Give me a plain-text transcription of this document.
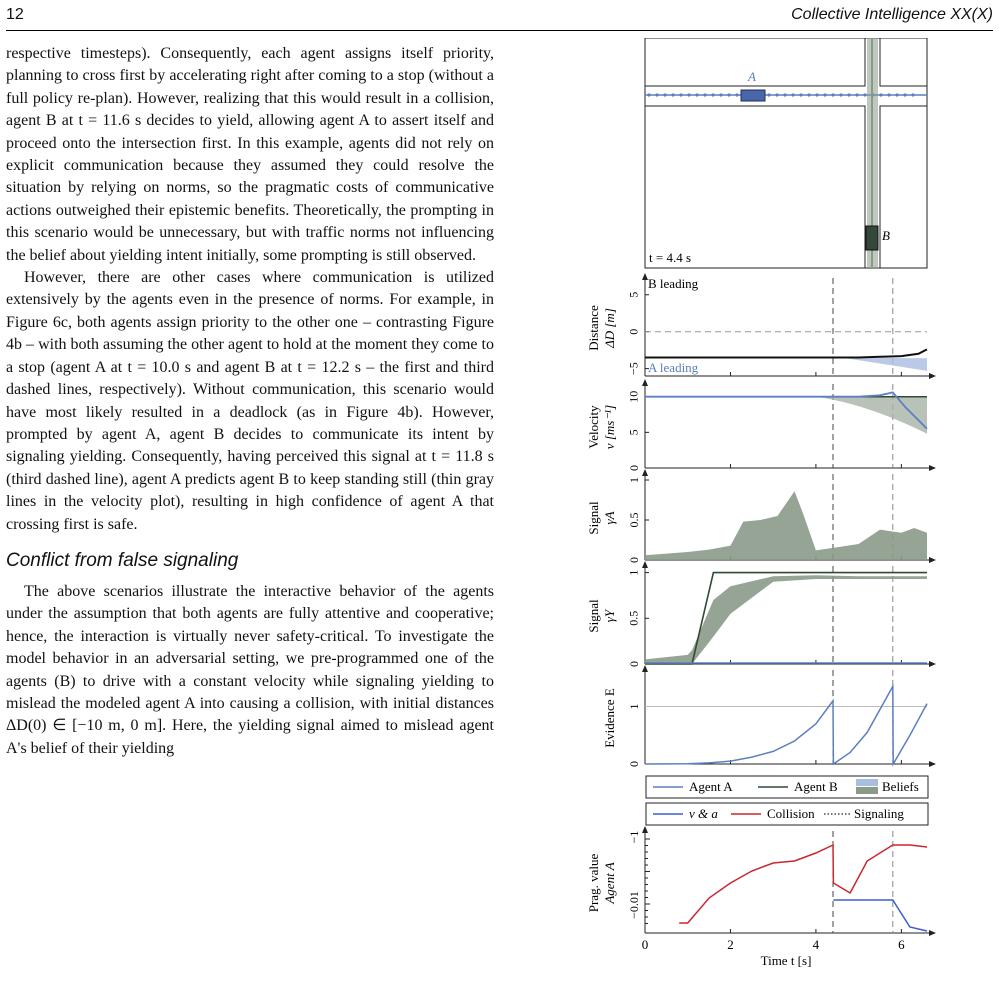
12	Collective Intelligence XX(X)

respective timesteps). Consequently, each agent assigns itself priority, planning to cross first by accelerating right after coming to a stop (without a full policy re-plan). However, realizing that this would result in a collision, agent B at t = 11.6 s decides to yield, allowing agent A to assert itself and proceed onto the intersection first. In this example, agents did not rely on explicit communication because they assumed they could resolve the situation by relying on norms, so the pragmatic costs of communicative actions outweighed their epistemic benefits. Theoretically, the prompting in this scenario would be unnecessary, but with traffic norms not influencing the belief about yielding intent initially, some prompting is still observed.

However, there are other cases where communication is utilized extensively by the agents even in the presence of norms. For example, in Figure 6c, both agents assign priority to the other one – contrasting Figure 4b – with both assuming the other agent to hold at the moment they come to a stop (agent A at t = 10.0 s and agent B at t = 12.2 s – the first and third dashed lines, respectively). Without communication, this scenario would have most likely resulted in a deadlock (as in Figure 4b). However, prompted by agent A, agent B decides to communicate its intent by signaling yielding. Consequently, having perceived this signal at t = 11.8 s (third dashed line), agent A predicts agent B to keep standing still (thin gray lines in the velocity plot), resulting in high confidence of agent A that crossing first is safe.

Conflict from false signaling

The above scenarios illustrate the interactive behavior of the agents under the assumption that both agents are fully attentive and cooperative; hence, the interaction is virtually never safety-critical. To investigate the model behavior in an adversarial setting, we pre-programmed one of the agents (B) to drive with a constant velocity while signaling yielding to mislead the modeled agent A into causing a collision, with initial distances ΔD(0) ∈ [−10 m, 0 m]. Here, the yielding signal aimed to mislead agent A's belief of their yielding

A
B
t = 4.4 s
5
0
−5
Distance ΔD [m]
B leading
A leading
10
5
0
Velocity v [ms⁻¹]
1
0.5
0
Signal γA
1
0.5
0
Signal γY
1
0
Evidence E
Prag. value Agent A
0	2	4	6
Time t [s]
−1
−0.01
Agent A	Agent B	Beliefs
v & a	Collision	Signaling
